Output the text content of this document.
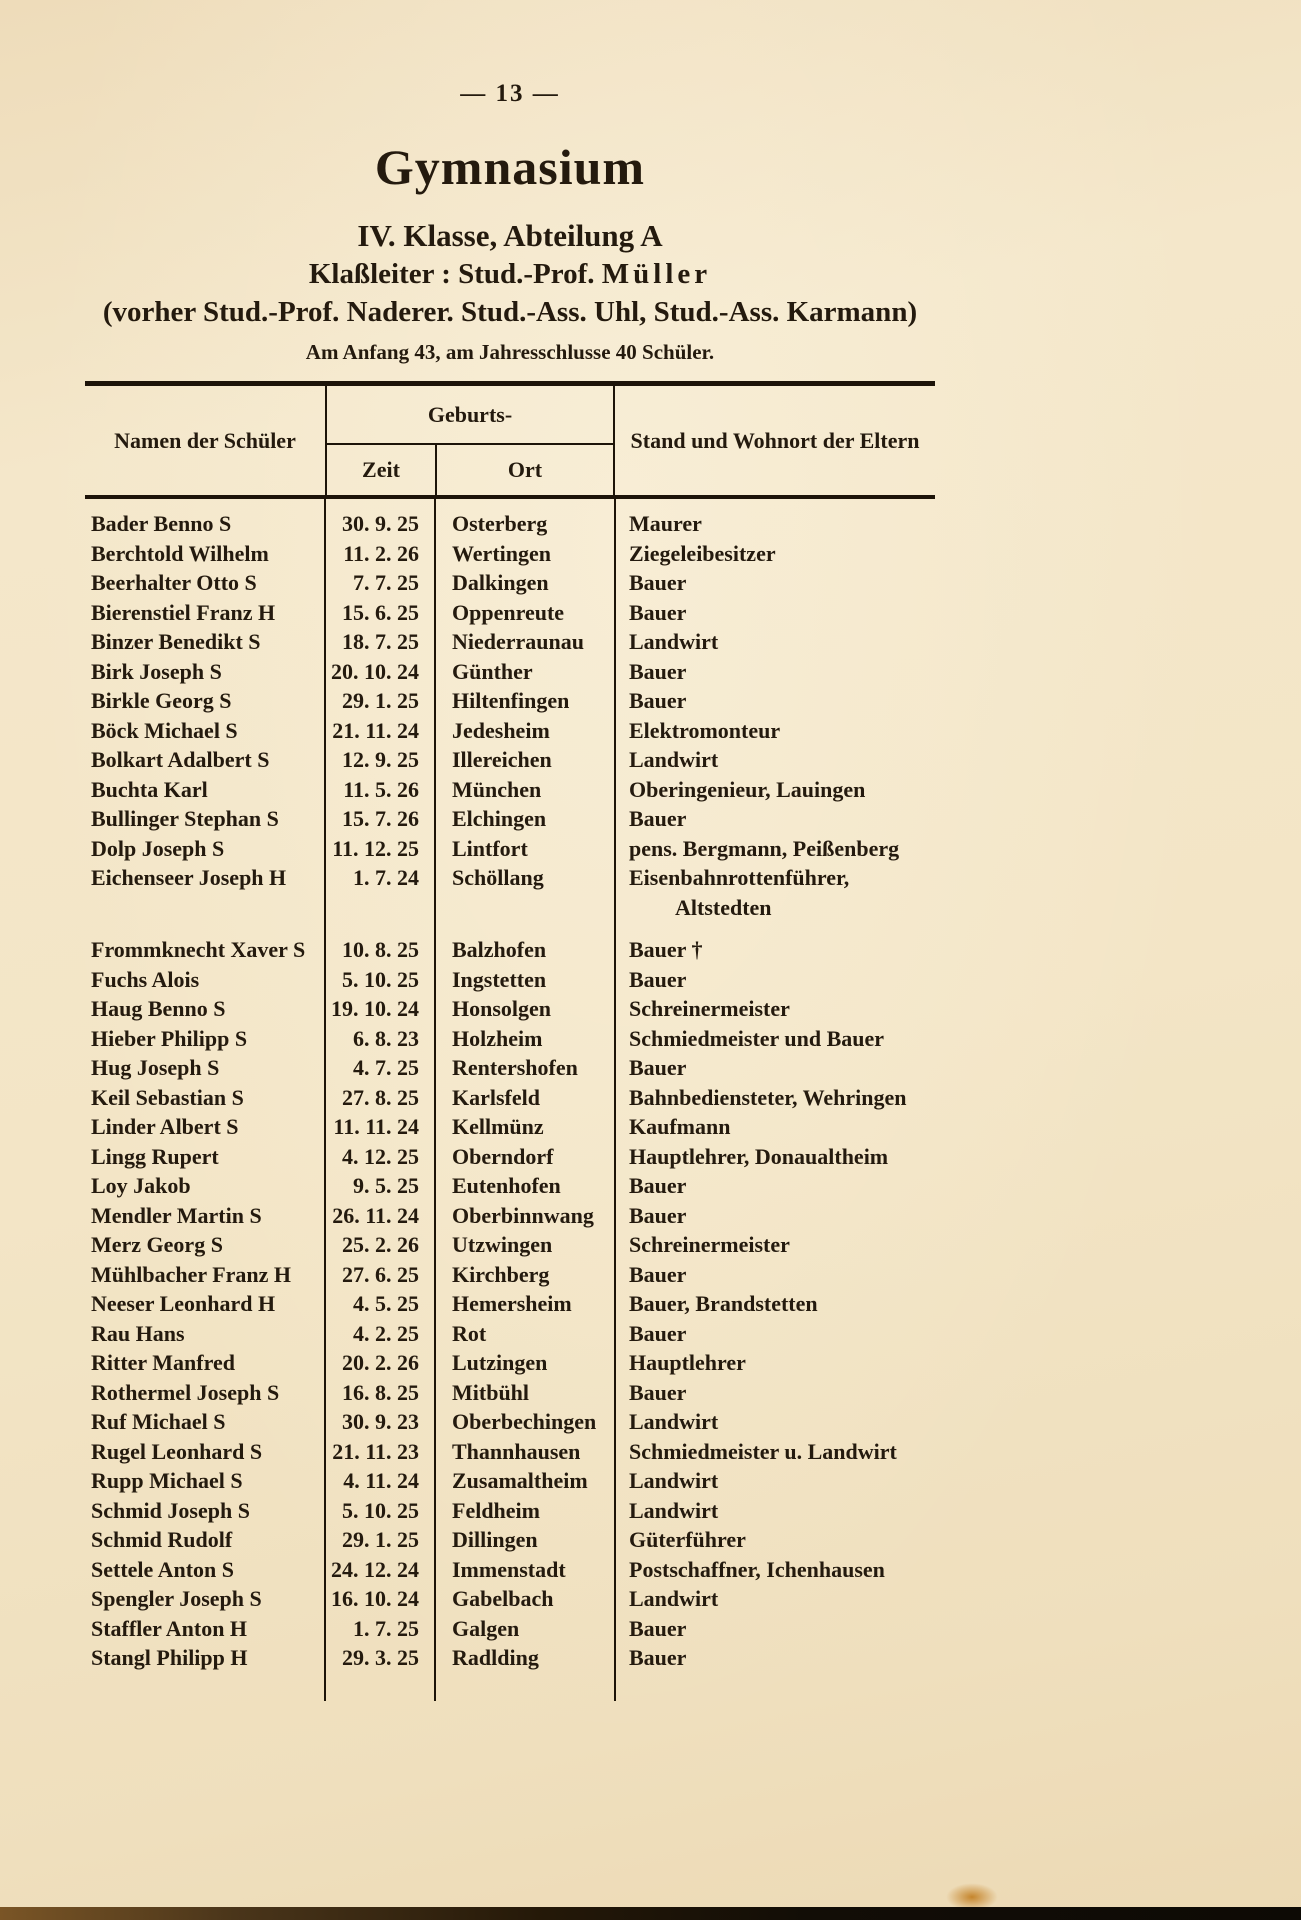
— 13 —
Gymnasium
IV. Klasse, Abteilung A
Klaßleiter : Stud.-Prof. Müller
(vorher Stud.-Prof. Naderer. Stud.-Ass. Uhl, Stud.-Ass. Karmann)
Am Anfang 43, am Jahresschlusse 40 Schüler.
Namen der Schüler
Geburts-
Zeit	Ort
Stand und Wohnort der Eltern
Bader Benno S	30. 9. 25	Osterberg	Maurer
Berchtold Wilhelm	11. 2. 26	Wertingen	Ziegeleibesitzer
Beerhalter Otto S	7. 7. 25	Dalkingen	Bauer
Bierenstiel Franz H	15. 6. 25	Oppenreute	Bauer
Binzer Benedikt S	18. 7. 25	Niederraunau	Landwirt
Birk Joseph S	20. 10. 24	Günther	Bauer
Birkle Georg S	29. 1. 25	Hiltenfingen	Bauer
Böck Michael S	21. 11. 24	Jedesheim	Elektromonteur
Bolkart Adalbert S	12. 9. 25	Illereichen	Landwirt
Buchta Karl	11. 5. 26	München	Oberingenieur, Lauingen
Bullinger Stephan S	15. 7. 26	Elchingen	Bauer
Dolp Joseph S	11. 12. 25	Lintfort	pens. Bergmann, Peißenberg
Eichenseer Joseph H	1. 7. 24	Schöllang	Eisenbahnrottenführer,
Altstedten
Frommknecht Xaver S	10. 8. 25	Balzhofen	Bauer †
Fuchs Alois	5. 10. 25	Ingstetten	Bauer
Haug Benno S	19. 10. 24	Honsolgen	Schreinermeister
Hieber Philipp S	6. 8. 23	Holzheim	Schmiedmeister und Bauer
Hug Joseph S	4. 7. 25	Rentershofen	Bauer
Keil Sebastian S	27. 8. 25	Karlsfeld	Bahnbediensteter, Wehringen
Linder Albert S	11. 11. 24	Kellmünz	Kaufmann
Lingg Rupert	4. 12. 25	Oberndorf	Hauptlehrer, Donaualtheim
Loy Jakob	9. 5. 25	Eutenhofen	Bauer
Mendler Martin S	26. 11. 24	Oberbinnwang	Bauer
Merz Georg S	25. 2. 26	Utzwingen	Schreinermeister
Mühlbacher Franz H	27. 6. 25	Kirchberg	Bauer
Neeser Leonhard H	4. 5. 25	Hemersheim	Bauer, Brandstetten
Rau Hans	4. 2. 25	Rot	Bauer
Ritter Manfred	20. 2. 26	Lutzingen	Hauptlehrer
Rothermel Joseph S	16. 8. 25	Mitbühl	Bauer
Ruf Michael S	30. 9. 23	Oberbechingen	Landwirt
Rugel Leonhard S	21. 11. 23	Thannhausen	Schmiedmeister u. Landwirt
Rupp Michael S	4. 11. 24	Zusamaltheim	Landwirt
Schmid Joseph S	5. 10. 25	Feldheim	Landwirt
Schmid Rudolf	29. 1. 25	Dillingen	Güterführer
Settele Anton S	24. 12. 24	Immenstadt	Postschaffner, Ichenhausen
Spengler Joseph S	16. 10. 24	Gabelbach	Landwirt
Staffler Anton H	1. 7. 25	Galgen	Bauer
Stangl Philipp H	29. 3. 25	Radlding	Bauer
